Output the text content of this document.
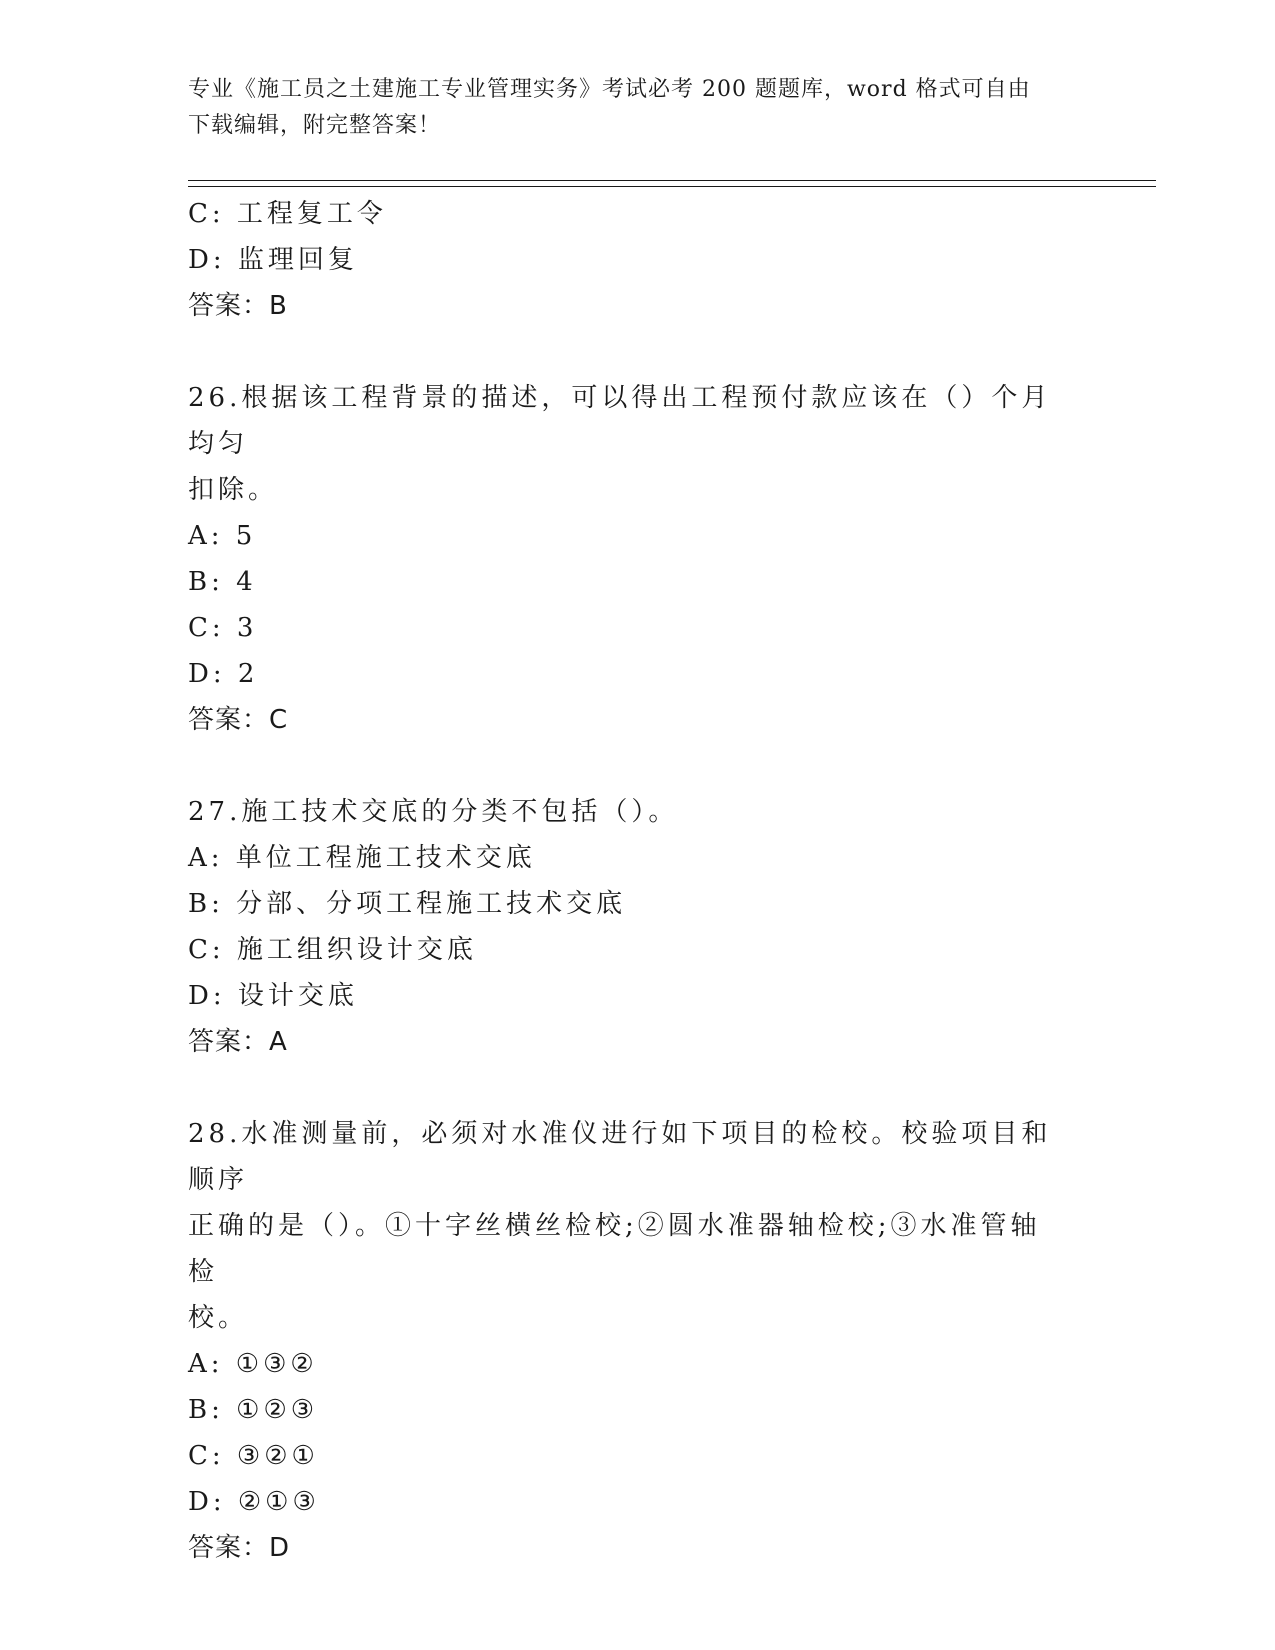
专业《施工员之土建施工专业管理实务》考试必考 200 题题库，word 格式可自由
下载编辑，附完整答案！
C: 工程复工令
D: 监理回复
答案：B
26.根据该工程背景的描述，可以得出工程预付款应该在（）个月均匀
扣除。
A: 5
B: 4
C: 3
D: 2
答案：C
27.施工技术交底的分类不包括（）。
A: 单位工程施工技术交底
B: 分部、分项工程施工技术交底
C: 施工组织设计交底
D: 设计交底
答案：A
28.水准测量前，必须对水准仪进行如下项目的检校。校验项目和顺序
正确的是（）。①十字丝横丝检校;②圆水准器轴检校;③水准管轴检
校。
A: ①③②
B: ①②③
C: ③②①
D: ②①③
答案：D
